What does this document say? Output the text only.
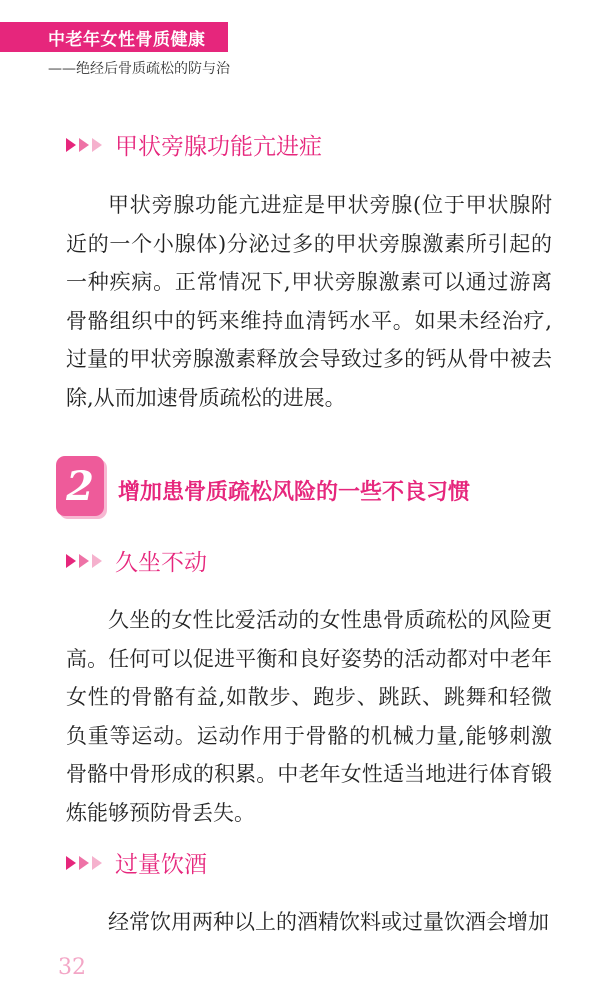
中老年女性骨质健康
——绝经后骨质疏松的防与治
甲状旁腺功能亢进症

甲状旁腺功能亢进症是甲状旁腺(位于甲状腺附近的一个小腺体)分泌过多的甲状旁腺激素所引起的一种疾病。正常情况下,甲状旁腺激素可以通过游离骨骼组织中的钙来维持血清钙水平。如果未经治疗,过量的甲状旁腺激素释放会导致过多的钙从骨中被去除,从而加速骨质疏松的进展。

2 增加患骨质疏松风险的一些不良习惯
久坐不动

久坐的女性比爱活动的女性患骨质疏松的风险更高。任何可以促进平衡和良好姿势的活动都对中老年女性的骨骼有益,如散步、跑步、跳跃、跳舞和轻微负重等运动。运动作用于骨骼的机械力量,能够刺激骨骼中骨形成的积累。中老年女性适当地进行体育锻炼能够预防骨丢失。

过量饮酒

经常饮用两种以上的酒精饮料或过量饮酒会增加

32
